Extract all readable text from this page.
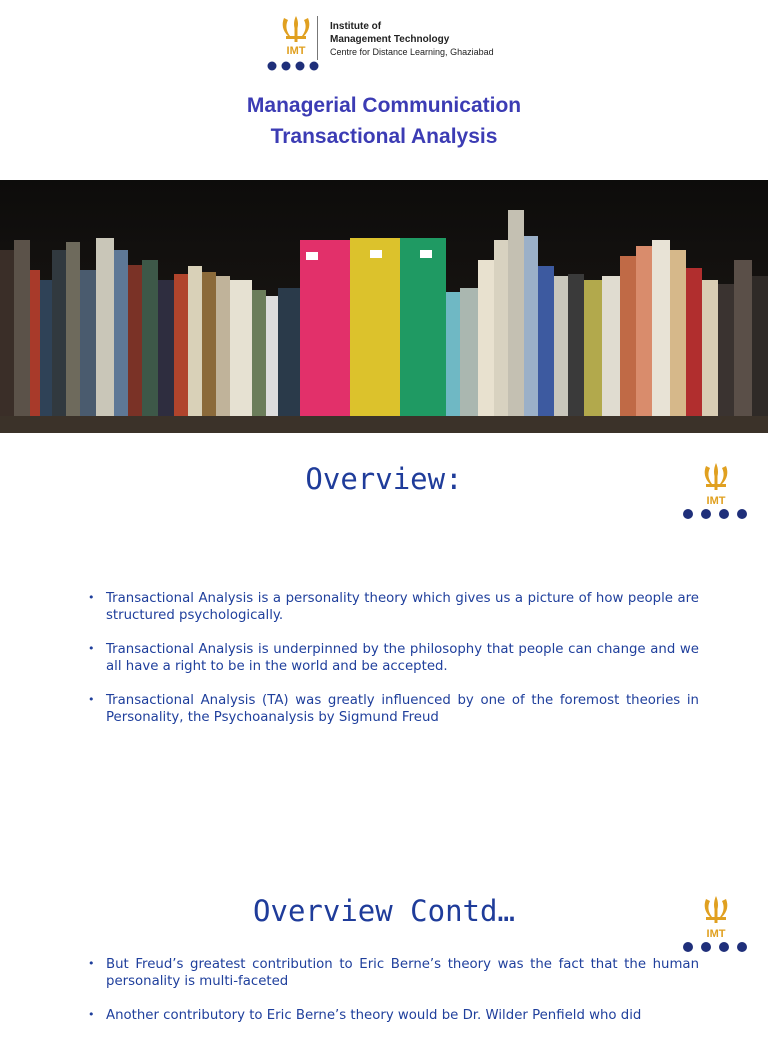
IMT
Institute of
Management Technology
Centre for Distance Learning, Ghaziabad
Managerial Communication
Transactional Analysis
Overview:
IMT
• Transactional Analysis is a personality theory which gives us a picture of how people are structured psychologically.
• Transactional Analysis is underpinned by the philosophy that people can change and we all have a right to be in the world and be accepted.
• Transactional Analysis (TA) was greatly influenced by one of the foremost theories in Personality, the Psychoanalysis by Sigmund Freud
Overview Contd…
IMT
• But Freud’s greatest contribution to Eric Berne’s theory was the fact that the human personality is multi-faceted
• Another contributory to Eric Berne’s theory would be Dr. Wilder Penfield who did
